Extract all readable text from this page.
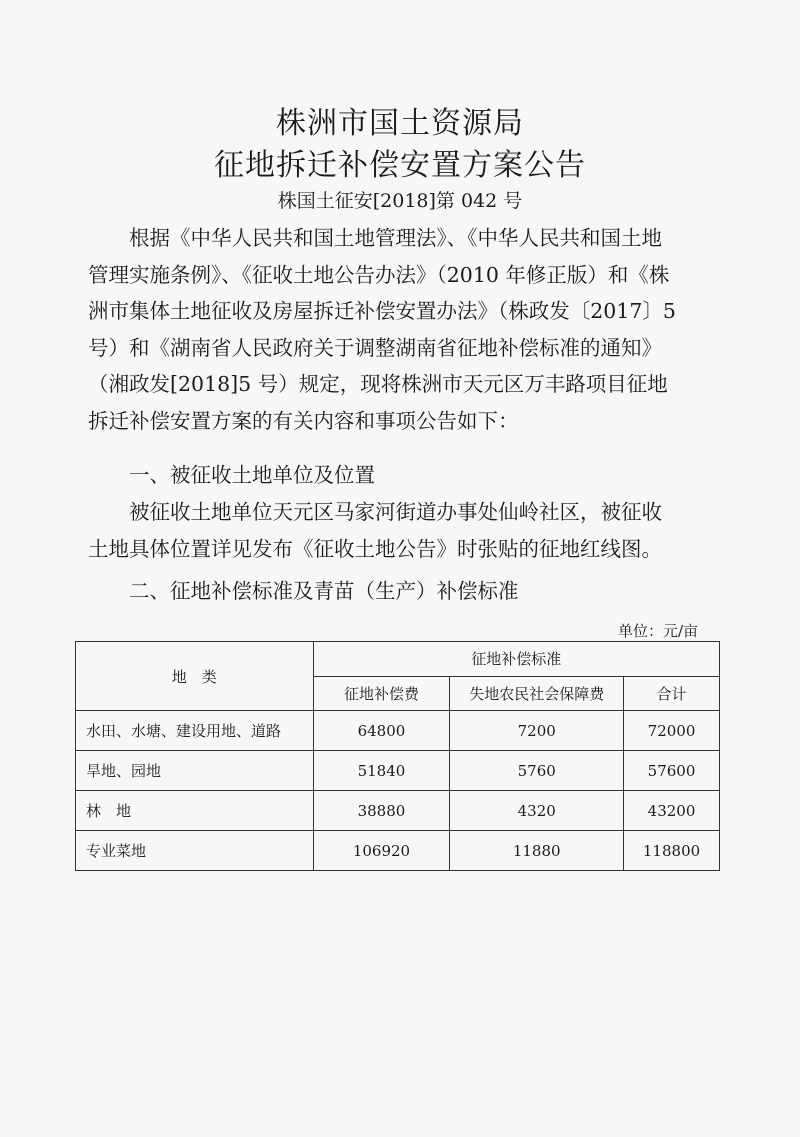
株洲市国土资源局
征地拆迁补偿安置方案公告
株国土征安[2018]第 042 号
根据《中华人民共和国土地管理法》、《中华人民共和国土地
管理实施条例》、《征收土地公告办法》（2010 年修正版）和《株
洲市集体土地征收及房屋拆迁补偿安置办法》（株政发〔2017〕5
号）和《湖南省人民政府关于调整湖南省征地补偿标准的通知》
（湘政发[2018]5 号）规定，现将株洲市天元区万丰路项目征地
拆迁补偿安置方案的有关内容和事项公告如下：
一、被征收土地单位及位置
被征收土地单位天元区马家河街道办事处仙岭社区，被征收
土地具体位置详见发布《征收土地公告》时张贴的征地红线图。
二、征地补偿标准及青苗（生产）补偿标准
单位：元/亩
地　类	征地补偿标准		
	征地补偿费	失地农民社会保障费	合计
水田、水塘、建设用地、道路	64800	7200	72000
旱地、园地	51840	5760	57600
林　地	38880	4320	43200
专业菜地	106920	11880	118800
